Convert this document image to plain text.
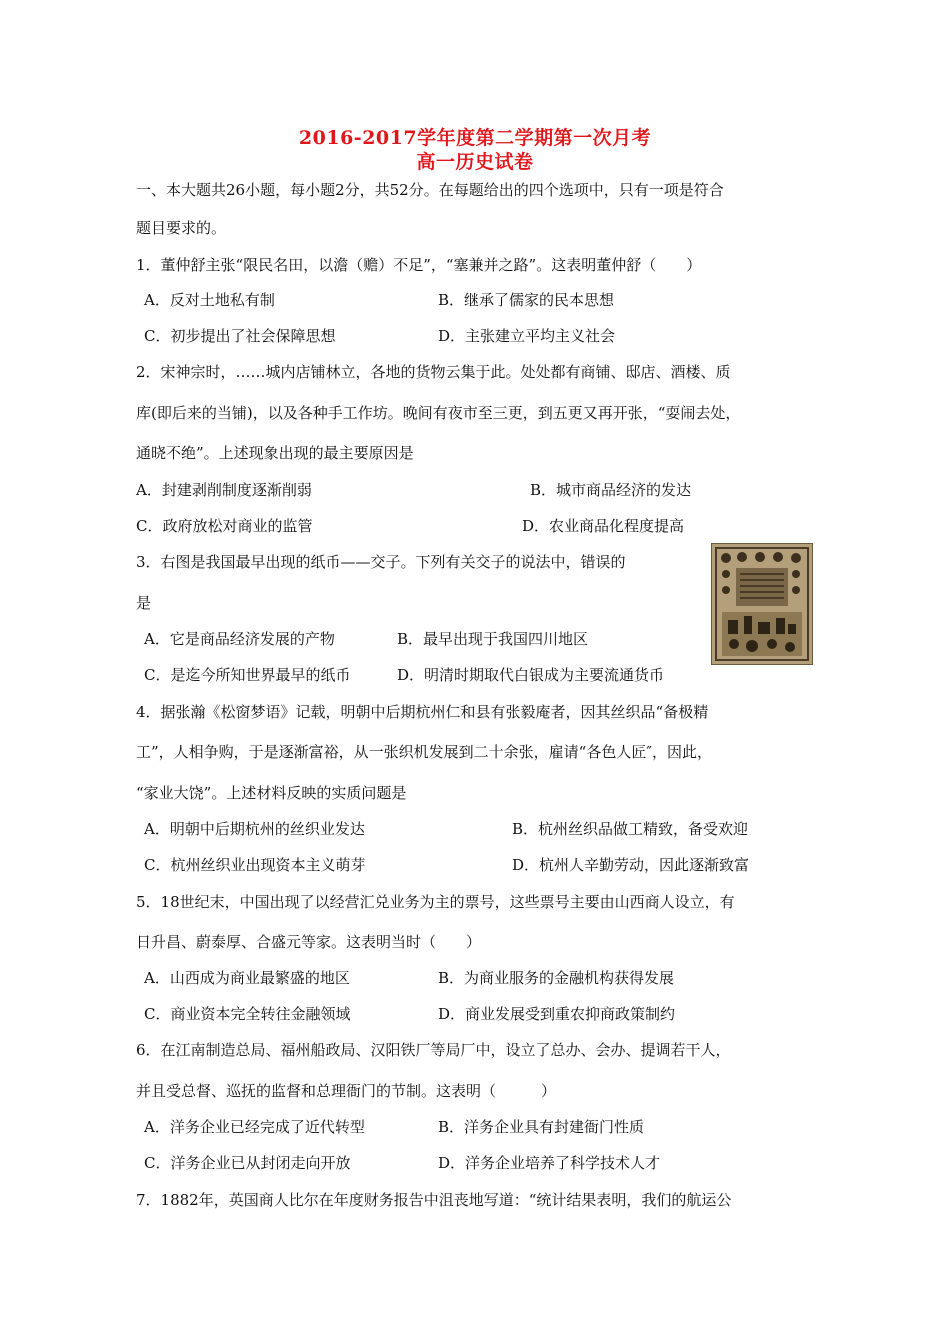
2016-2017学年度第二学期第一次月考
高一历史试卷
一、本大题共26小题，每小题2分，共52分。在每题给出的四个选项中，只有一项是符合
题目要求的。
1．董仲舒主张“限民名田，以澹（赡）不足”，“塞兼并之路”。这表明董仲舒（　　）
A．反对土地私有制	B．继承了儒家的民本思想
C．初步提出了社会保障思想	D．主张建立平均主义社会
2．宋神宗时，……城内店铺林立，各地的货物云集于此。处处都有商铺、邸店、酒楼、质
库(即后来的当铺)，以及各种手工作坊。晚间有夜市至三更，到五更又再开张，“耍闹去处，
通晓不绝”。上述现象出现的最主要原因是
A．封建剥削制度逐渐削弱	B．城市商品经济的发达
C．政府放松对商业的监管	D．农业商品化程度提高
3．右图是我国最早出现的纸币——交子。下列有关交子的说法中，错误的
是
A．它是商品经济发展的产物	B．最早出现于我国四川地区
C．是迄今所知世界最早的纸币	D．明清时期取代白银成为主要流通货币
4．据张瀚《松窗梦语》记载，明朝中后期杭州仁和县有张毅庵者，因其丝织品“备极精
工”，人相争购，于是逐渐富裕，从一张织机发展到二十余张，雇请“各色人匠″，因此，
“家业大饶”。上述材料反映的实质问题是
A．明朝中后期杭州的丝织业发达	B．杭州丝织品做工精致，备受欢迎
C．杭州丝织业出现资本主义萌芽	D．杭州人辛勤劳动，因此逐渐致富
5．18世纪末，中国出现了以经营汇兑业务为主的票号，这些票号主要由山西商人设立，有
日升昌、蔚泰厚、合盛元等家。这表明当时（　　）
A．山西成为商业最繁盛的地区	B．为商业服务的金融机构获得发展
C．商业资本完全转往金融领域	D．商业发展受到重农抑商政策制约
6．在江南制造总局、福州船政局、汉阳铁厂等局厂中，设立了总办、会办、提调若干人，
并且受总督、巡抚的监督和总理衙门的节制。这表明（　　　）
A．洋务企业已经完成了近代转型	B．洋务企业具有封建衙门性质
C．洋务企业已从封闭走向开放	D．洋务企业培养了科学技术人才
7．1882年，英国商人比尔在年度财务报告中沮丧地写道：“统计结果表明，我们的航运公
